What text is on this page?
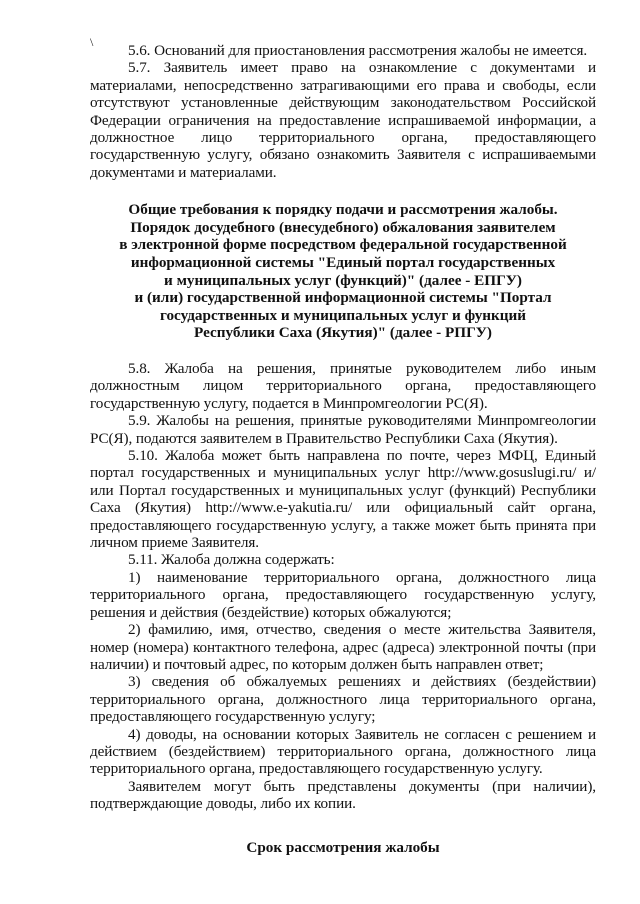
\	5.6. Оснований для приостановления рассмотрения жалобы не имеется.

5.7. Заявитель имеет право на ознакомление с документами и материалами, непосредственно затрагивающими его права и свободы, если отсутствуют установленные действующим законодательством Российской Федерации ограничения на предоставление испрашиваемой информации, а должностное лицо территориального органа, предоставляющего государственную услугу, обязано ознакомить Заявителя с испрашиваемыми документами и материалами.

Общие требования к порядку подачи и рассмотрения жалобы.
Порядок досудебного (внесудебного) обжалования заявителем
в электронной форме посредством федеральной государственной
информационной системы "Единый портал государственных
и муниципальных услуг (функций)" (далее - ЕПГУ)
и (или) государственной информационной системы "Портал
государственных и муниципальных услуг и функций
Республики Саха (Якутия)" (далее - РПГУ)

5.8. Жалоба на решения, принятые руководителем либо иным должностным лицом территориального органа, предоставляющего государственную услугу, подается в Минпромгеологии РС(Я).

5.9. Жалобы на решения, принятые руководителями Минпромгеологии РС(Я), подаются заявителем в Правительство Республики Саха (Якутия).

5.10. Жалоба может быть направлена по почте, через МФЦ, Единый портал государственных и муниципальных услуг http://www.gosuslugi.ru/ и/или Портал государственных и муниципальных услуг (функций) Республики Саха (Якутия) http://www.e-yakutia.ru/ или официальный сайт органа, предоставляющего государственную услугу, а также может быть принята при личном приеме Заявителя.

5.11. Жалоба должна содержать:

1) наименование территориального органа, должностного лица территориального органа, предоставляющего государственную услугу, решения и действия (бездействие) которых обжалуются;

2) фамилию, имя, отчество, сведения о месте жительства Заявителя, номер (номера) контактного телефона, адрес (адреса) электронной почты (при наличии) и почтовый адрес, по которым должен быть направлен ответ;

3) сведения об обжалуемых решениях и действиях (бездействии) территориального органа, должностного лица территориального органа, предоставляющего государственную услугу;

4) доводы, на основании которых Заявитель не согласен с решением и действием (бездействием) территориального органа, должностного лица территориального органа, предоставляющего государственную услугу.

Заявителем могут быть представлены документы (при наличии), подтверждающие доводы, либо их копии.

Срок рассмотрения жалобы
